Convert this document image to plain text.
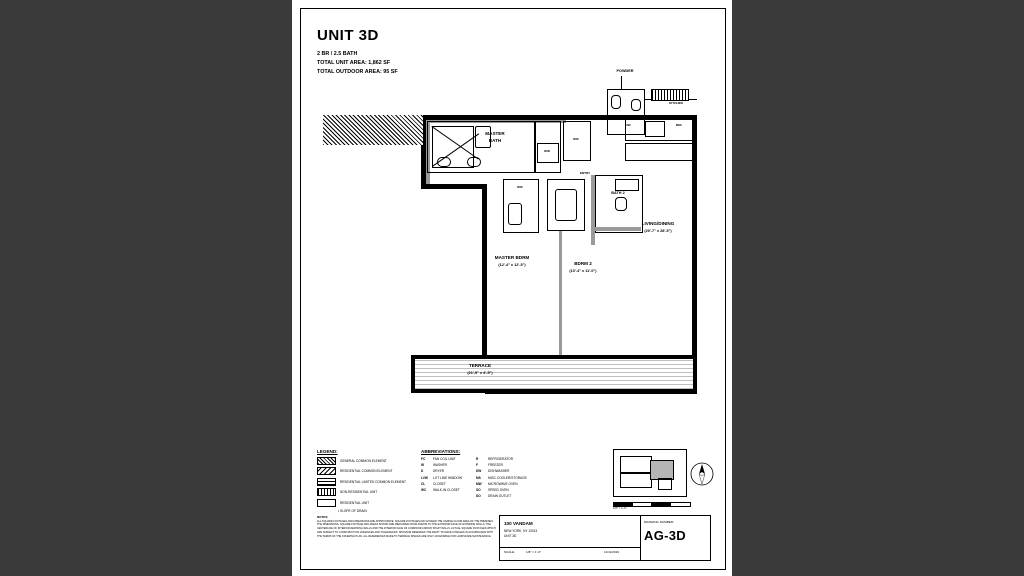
UNIT 3D
2 BR / 2.5 BATH
TOTAL UNIT AREA: 1,862 SF
TOTAL OUTDOOR AREA: 95 SF
MASTER
BATH
W/D
WIC
POWDER
KITCHEN
DW	REF
ENTRY
WIC
BATH 2
LIVING/DINING
(20'-7" x 28'-5")
MASTER BDRM
(12'-4" x 12'-5")	BDRM 2
(10'-4" x 11'-0")
TERRACE
(21'-5" x 4'-5")
LEGEND:
GENERAL COMMON ELEMENT
RESIDENTIAL COMMON ELEMENT
RESIDENTIAL LIMITED COMMON ELEMENT
NON-RESIDENTIAL UNIT
RESIDENTIAL UNIT
• SLOPE OF DRAIN
ABBREVIATIONS:
FC	FAN COIL UNIT
W	WASHER
D	DRYER
LVW	LOT LINE WINDOW
CL	CLOSET
WC	WALK-IN CLOSET
R	REFRIGERATOR
F	FREEZER
DW	DISHWASHER
MS	MISC COOLER/STORAGE
MW	MICROWAVE OVEN
SO	SPEED OVEN
DO	DRAIN OUTLET
1/8" = 1'-0"
NOTES:
ALL SQUARE FOOTAGES AND DIMENSIONS ARE APPROXIMATE. SQUARE FOOTAGES MAY EXCEED THE USABLE FLOOR AREA OF THE PREMISES. THE DIMENSIONS, SQUARE FOOTAGE AND AREAS SHOWN ARE MEASURED FROM AND/OR TO THE EXTERIOR FACE OF EXTERIOR WALLS, THE CENTERLINE OF INTERIOR DEMISING WALLS AND THE INTERIOR FACE OF CORRIDOR AND/OR SHAFT WALLS. ACTUAL SQUARE FOOTAGES WHICH ARE SUBJECT TO CONSTRUCTION VARIANCES AND TOLERANCES. SPONSOR RESERVES THE RIGHT TO MAKE CHANGES IN ACCORDANCE WITH THE TERMS OF THE OFFERING PLAN. ALL REFERENCES MADE TO TERRACE SPACES ARE ONLY ACCESSIBLE FOR LANDSCAPE MAINTENANCE.
100 VANDAM
NEW YORK, NY 10013
UNIT 3D
DRAWING NUMBER:
AG-3D
SCALE:	1/8" = 1'-0"	11/11/2019
